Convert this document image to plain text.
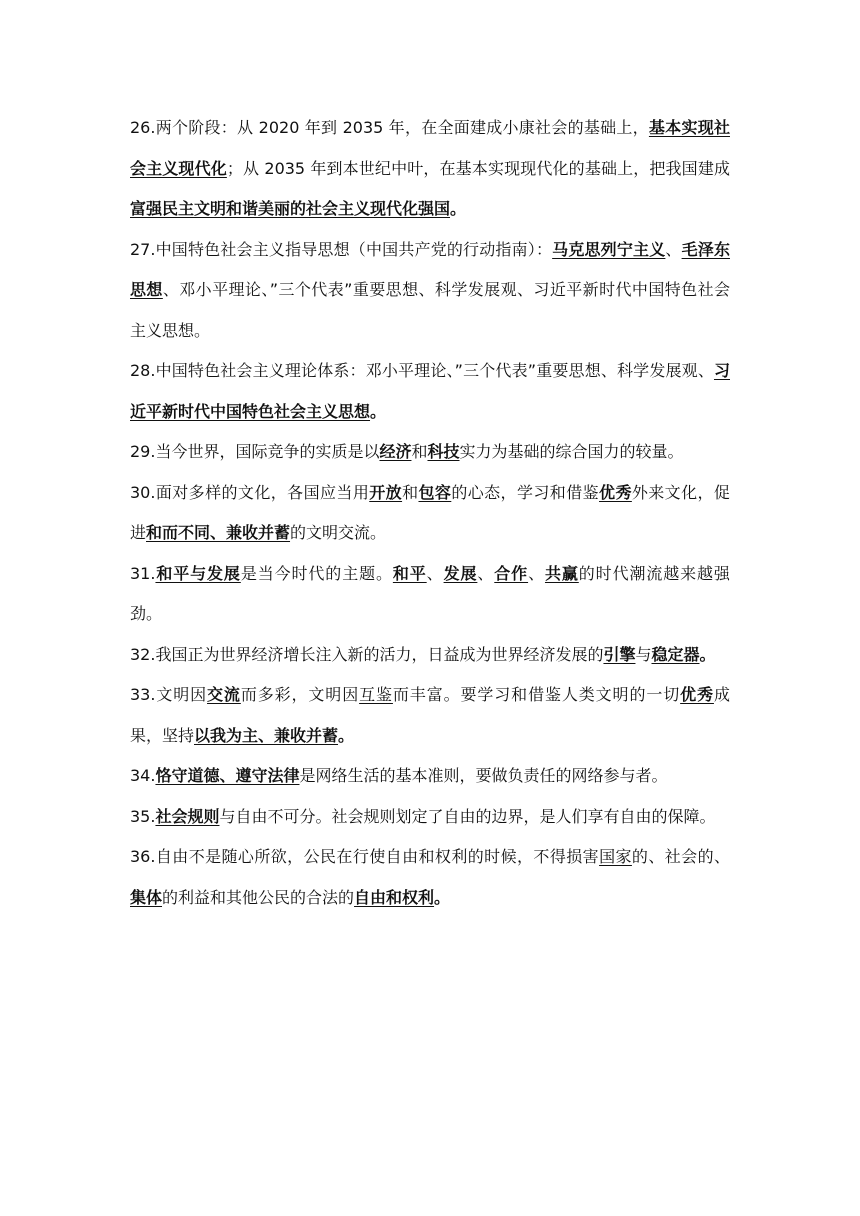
26.两个阶段：从 2020 年到 2035 年，在全面建成小康社会的基础上，基本实现社会主义现代化；从 2035 年到本世纪中叶，在基本实现现代化的基础上，把我国建成富强民主文明和谐美丽的社会主义现代化强国。

27.中国特色社会主义指导思想（中国共产党的行动指南）：马克思列宁主义、毛泽东思想、邓小平理论、”三个代表”重要思想、科学发展观、习近平新时代中国特色社会主义思想。

28.中国特色社会主义理论体系：邓小平理论、”三个代表”重要思想、科学发展观、习近平新时代中国特色社会主义思想。

29.当今世界，国际竞争的实质是以经济和科技实力为基础的综合国力的较量。

30.面对多样的文化，各国应当用开放和包容的心态，学习和借鉴优秀外来文化，促进和而不同、兼收并蓄的文明交流。

31.和平与发展是当今时代的主题。和平、发展、合作、共赢的时代潮流越来越强劲。

32.我国正为世界经济增长注入新的活力，日益成为世界经济发展的引擎与稳定器。

33.文明因交流而多彩，文明因互鉴而丰富。要学习和借鉴人类文明的一切优秀成果，坚持以我为主、兼收并蓄。

34.恪守道德、遵守法律是网络生活的基本准则，要做负责任的网络参与者。

35.社会规则与自由不可分。社会规则划定了自由的边界，是人们享有自由的保障。

36.自由不是随心所欲，公民在行使自由和权利的时候，不得损害国家的、社会的、集体的利益和其他公民的合法的自由和权利。
